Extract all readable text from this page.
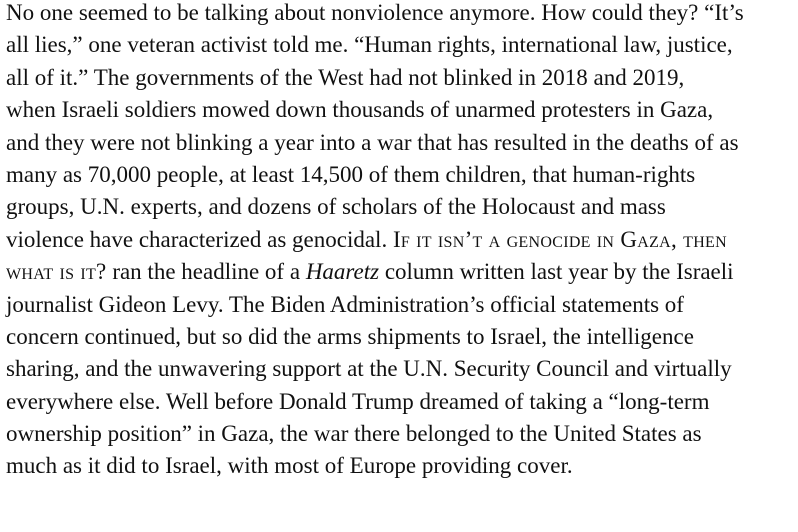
No one seemed to be talking about nonviolence anymore. How could they? “It’s
all lies,” one veteran activist told me. “Human rights, international law, justice,
all of it.” The governments of the West had not blinked in 2018 and 2019,
when Israeli soldiers mowed down thousands of unarmed protesters in Gaza,
and they were not blinking a year into a war that has resulted in the deaths of as
many as 70,000 people, at least 14,500 of them children, that human-rights
groups, U.N. experts, and dozens of scholars of the Holocaust and mass
violence have characterized as genocidal. If it isn’t a genocide in Gaza, then
what is it? ran the headline of a Haaretz column written last year by the Israeli
journalist Gideon Levy. The Biden Administration’s official statements of
concern continued, but so did the arms shipments to Israel, the intelligence
sharing, and the unwavering support at the U.N. Security Council and virtually
everywhere else. Well before Donald Trump dreamed of taking a “long-term
ownership position” in Gaza, the war there belonged to the United States as
much as it did to Israel, with most of Europe providing cover.
